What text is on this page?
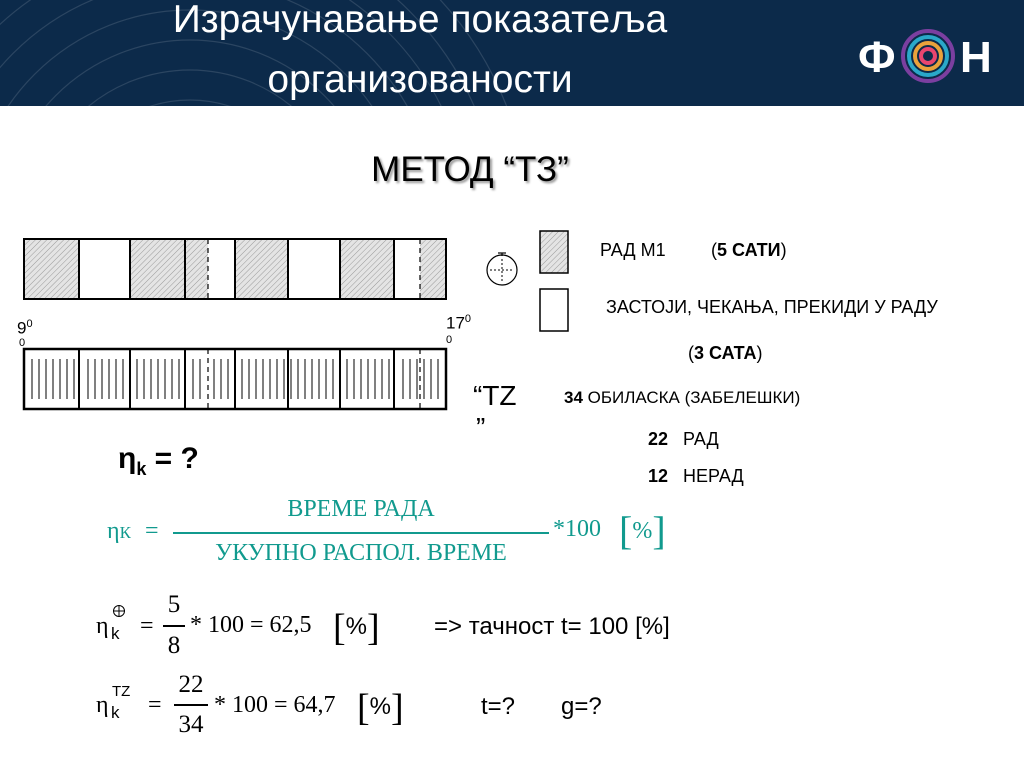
Израчунавање показатеља
организованости	Ф Н
МЕТОД “ТЗ”
$9^0$
0
$17^0$
0
РАД М1	(5 САТИ)
ЗАСТОЈИ, ЧЕКАЊА, ПРЕКИДИ У РАДУ
(3 САТА)
“TZ
”
34 ОБИЛАСКА (ЗАБЕЛЕШКИ)
22 РАД
12 НЕРАД
$\eta_k$ = ?
ηК =
ВРЕМЕ РАДА
УКУПНО РАСПОЛ. ВРЕМЕ
*100 [%]
η k =
5
8
* 100 = 62,5 [%] => тачност t= 100 [%]
η
TZ
k =
22
34
* 100 = 64,7 [%]	t=? g=?
